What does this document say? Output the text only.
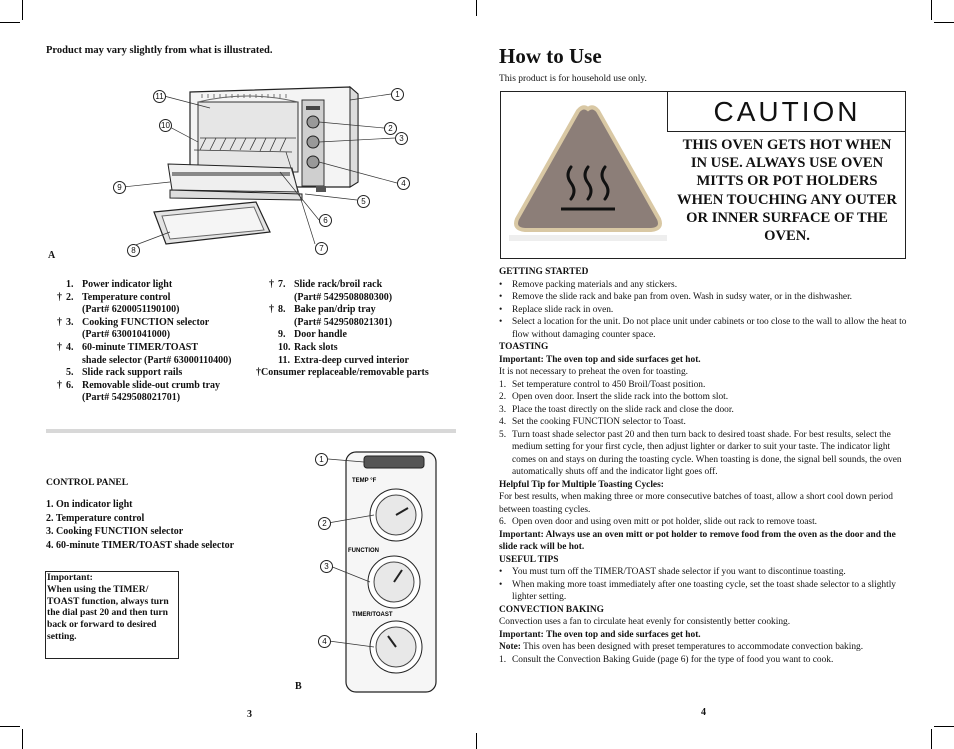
Product may vary slightly from what is illustrated.
11
10
1
2
3
4
5
6
7
8
9
A
1. Power indicator light
† 2. Temperature control
(Part# 6200051190100)
† 3. Cooking FUNCTION selector
(Part# 63001041000)
† 4. 60-minute TIMER/TOAST
shade selector (Part# 63000110400)
5. Slide rack support rails
† 6. Removable slide-out crumb tray
(Part# 5429508021701)
† 7. Slide rack/broil rack
(Part# 5429508080300)
† 8. Bake pan/drip tray
(Part# 5429508021301)
9. Door handle
10. Rack slots
11. Extra-deep curved interior
†Consumer replaceable/removable parts
CONTROL PANEL
1. On indicator light
2. Temperature control
3. Cooking FUNCTION selector
4. 60-minute TIMER/TOAST shade selector
Important:
When using the TIMER/ TOAST function, always turn the dial past 20 and then turn back or forward to desired setting.
TEMP °F
FUNCTION
TIMER/TOAST
1
2
3
4
B
3
How to Use
This product is for household use only.
CAUTION
THIS OVEN GETS HOT WHEN IN USE. ALWAYS USE OVEN MITTS OR POT HOLDERS WHEN TOUCHING ANY OUTER OR INNER SURFACE OF THE OVEN.
GETTING STARTED
•	Remove packing materials and any stickers.
•	Remove the slide rack and bake pan from oven. Wash in sudsy water, or in the dishwasher.
•	Replace slide rack in oven.
•	Select a location for the unit. Do not place unit under cabinets or too close to the wall to allow the heat to flow without damaging counter space.
TOASTING
Important: The oven top and side surfaces get hot.
It is not necessary to preheat the oven for toasting.
1. Set temperature control to 450 Broil/Toast position.
2. Open oven door. Insert the slide rack into the bottom slot.
3. Place the toast directly on the slide rack and close the door.
4. Set the cooking FUNCTION selector to Toast.
5. Turn toast shade selector past 20 and then turn back to desired toast shade. For best results, select the medium setting for your first cycle, then adjust lighter or darker to suit your taste. The indicator light comes on and stays on during the toasting cycle. When toasting is done, the signal bell sounds, the oven automatically shuts off and the indicator light goes off.
Helpful Tip for Multiple Toasting Cycles:
For best results, when making three or more consecutive batches of toast, allow a short cool down period between toasting cycles.
6. Open oven door and using oven mitt or pot holder, slide out rack to remove toast.
Important: Always use an oven mitt or pot holder to remove food from the oven as the door and the slide rack will be hot.
USEFUL TIPS
•	You must turn off the TIMER/TOAST shade selector if you want to discontinue toasting.
•	When making more toast immediately after one toasting cycle, set the toast shade selector to a slightly lighter setting.
CONVECTION BAKING
Convection uses a fan to circulate heat evenly for consistently better cooking.
Important: The oven top and side surfaces get hot.
Note: This oven has been designed with preset temperatures to accommodate convection baking.
1. Consult the Convection Baking Guide (page 6) for the type of food you want to cook.
4
